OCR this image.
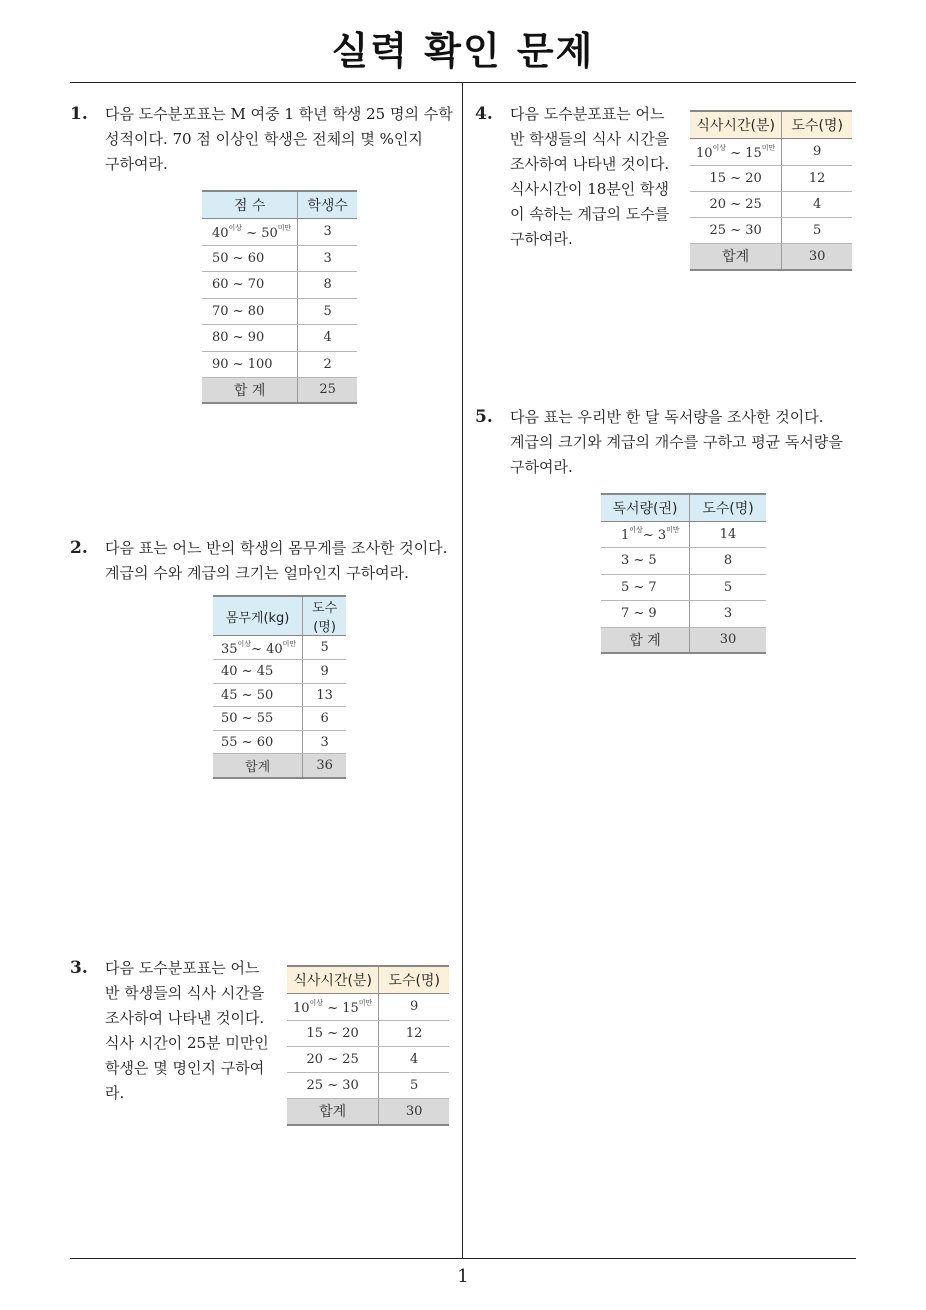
실력 확인 문제
1
1. 다음 도수분포표는 M 여중 1 학년 학생 25 명의 수학
성적이다. 70 점 이상인 학생은 전체의 몇 %인지
구하여라.
점 수	학생수
$40^{이상}$ ~ $50^{미만}$	3
50 ~ 60	3
60 ~ 70	8
70 ~ 80	5
80 ~ 90	4
90 ~ 100	2
합 계	25
2. 다음 표는 어느 반의 학생의 몸무게를 조사한 것이다.
계급의 수와 계급의 크기는 얼마인지 구하여라.
몸무게(kg)	도수(명)
$35^{이상}\sim$ $40^{미만}$	5
40 ~ 45	9
45 ~ 50	13
50 ~ 55	6
55 ~ 60	3
합계	36
3. 다음 도수분포표는 어느
반 학생들의 식사 시간을
조사하여 나타낸 것이다.
식사 시간이 25분 미만인
학생은 몇 명인지 구하여
라.
식사시간(분)	도수(명)
$10^{이상}$ ~ $15^{미만}$	9
15 ~ 20	12
20 ~ 25	4
25 ~ 30	5
합계	30
4. 다음 도수분포표는 어느
반 학생들의 식사 시간을
조사하여 나타낸 것이다.
식사시간이 18분인 학생
이 속하는 계급의 도수를
구하여라.
식사시간(분)	도수(명)
$10^{이상}$ ~ $15^{미만}$	9
15 ~ 20	12
20 ~ 25	4
25 ~ 30	5
합계	30
5. 다음 표는 우리반 한 달 독서량을 조사한 것이다.
계급의 크기와 계급의 개수를 구하고 평균 독서량을
구하여라.
독서량(권)	도수(명)
$1^{이상}\sim$ $3^{미만}$	14
3 ~ 5	8
5 ~ 7	5
7 ~ 9	3
합 계	30
